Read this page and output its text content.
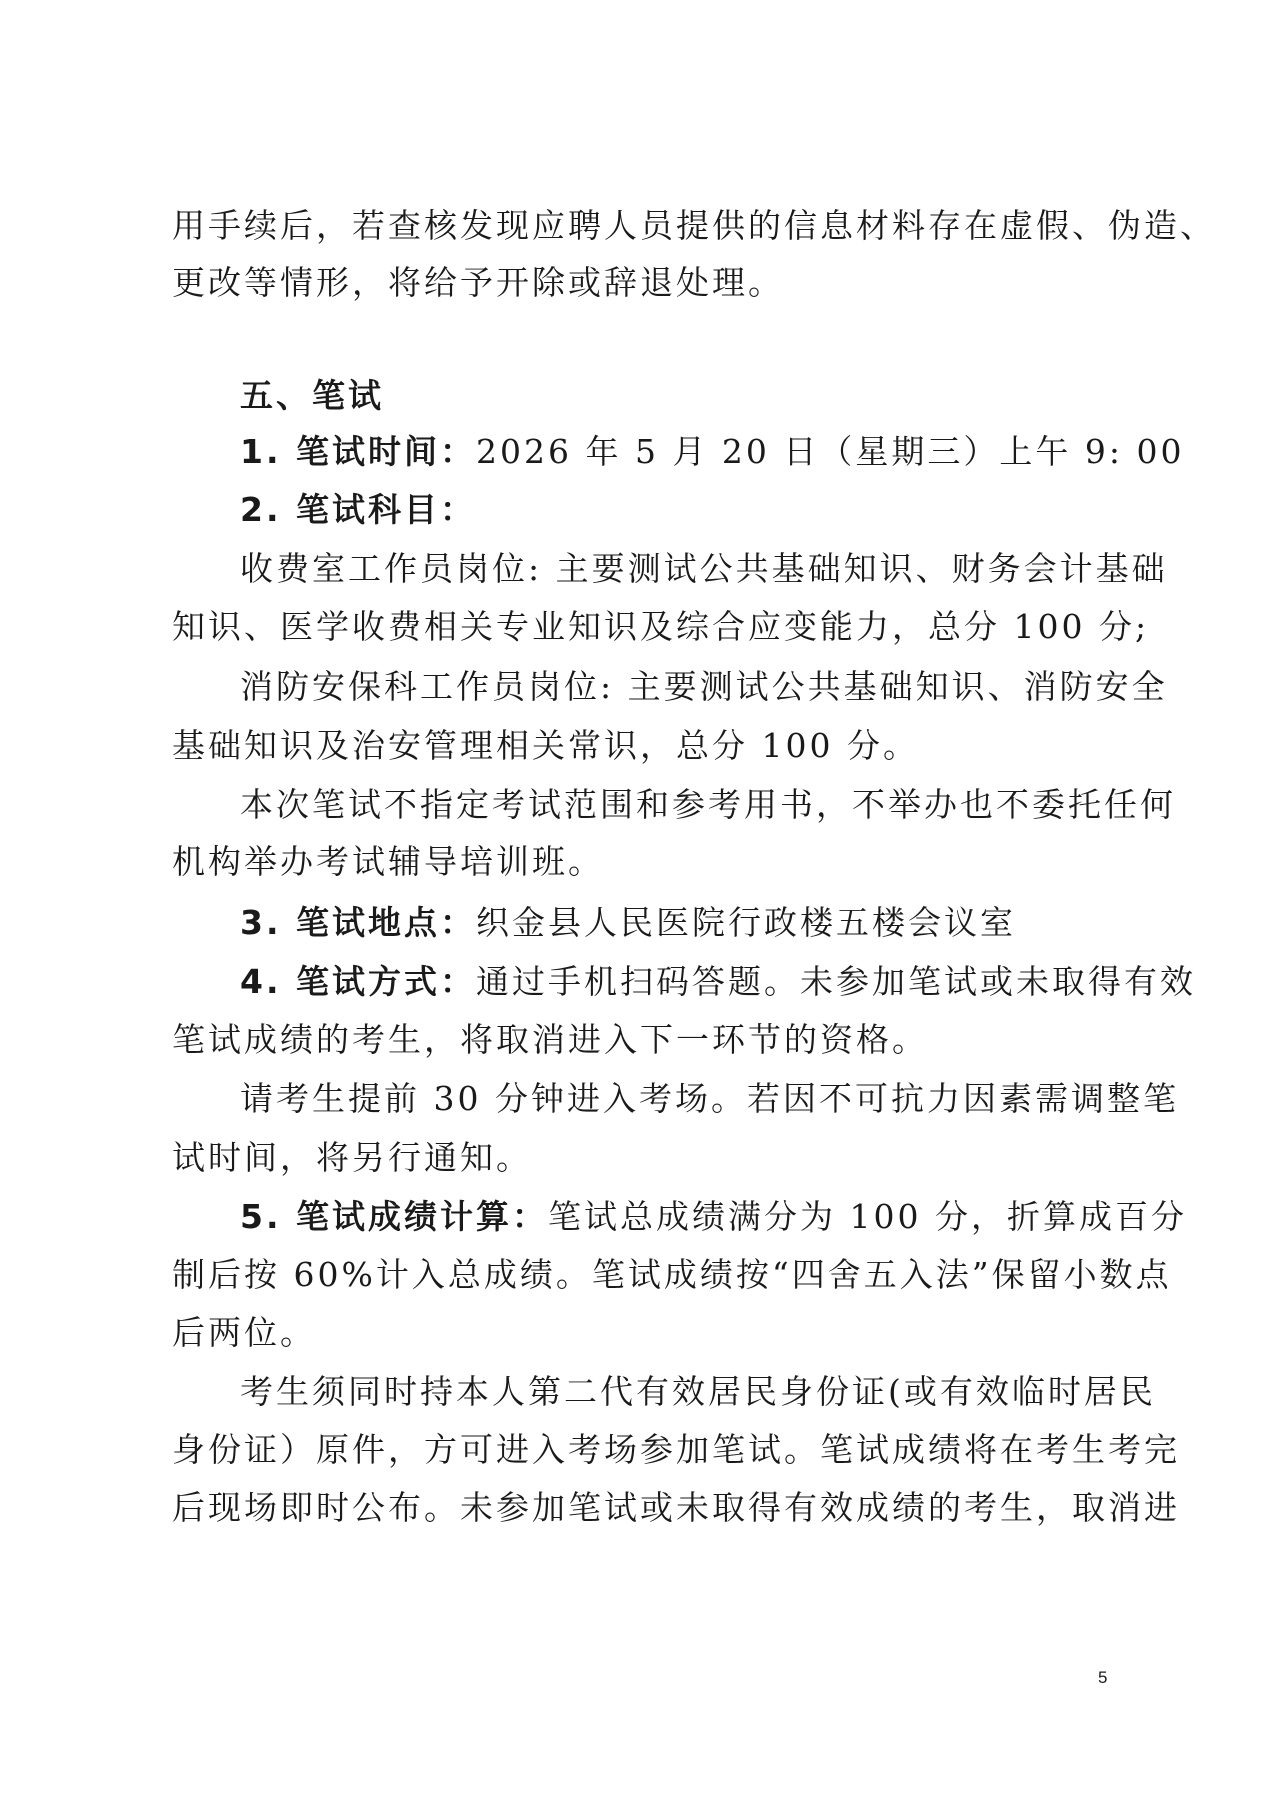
用手续后，若查核发现应聘人员提供的信息材料存在虚假、伪造、
更改等情形，将给予开除或辞退处理。
五、笔试
1. 笔试时间：2026 年 5 月 20 日（星期三）上午 9: 00
2. 笔试科目：
收费室工作员岗位: 主要测试公共基础知识、财务会计基础
知识、医学收费相关专业知识及综合应变能力，总分 100 分;
消防安保科工作员岗位: 主要测试公共基础知识、消防安全
基础知识及治安管理相关常识，总分 100 分。
本次笔试不指定考试范围和参考用书，不举办也不委托任何
机构举办考试辅导培训班。
3. 笔试地点：织金县人民医院行政楼五楼会议室
4. 笔试方式：通过手机扫码答题。未参加笔试或未取得有效
笔试成绩的考生，将取消进入下一环节的资格。
请考生提前 30 分钟进入考场。若因不可抗力因素需调整笔
试时间，将另行通知。
5. 笔试成绩计算：笔试总成绩满分为 100 分，折算成百分
制后按 60%计入总成绩。笔试成绩按“四舍五入法”保留小数点
后两位。
考生须同时持本人第二代有效居民身份证(或有效临时居民
身份证）原件，方可进入考场参加笔试。笔试成绩将在考生考完
后现场即时公布。未参加笔试或未取得有效成绩的考生，取消进
5
